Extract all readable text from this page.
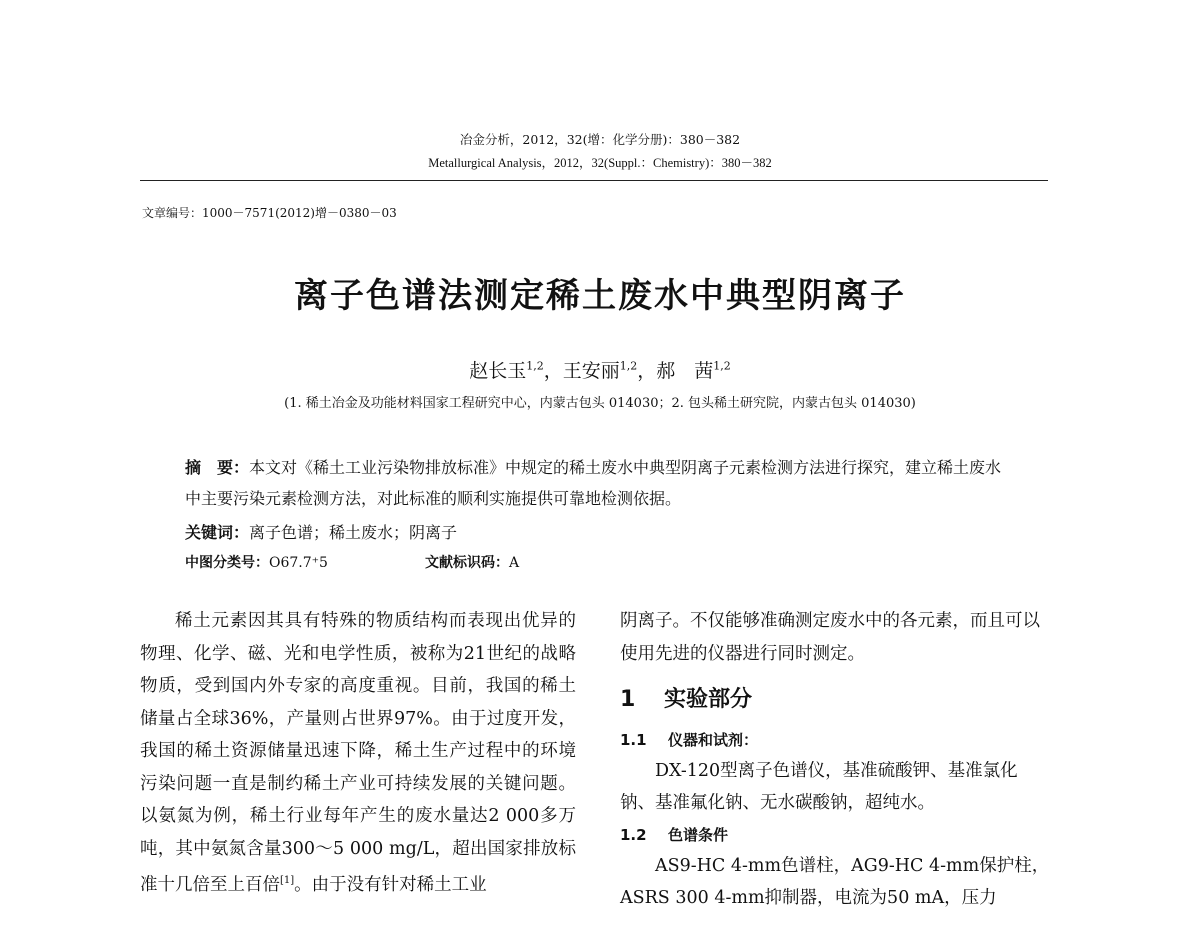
冶金分析，2012，32(增：化学分册)：380－382
Metallurgical Analysis，2012，32(Suppl.：Chemistry)：380－382
文章编号：1000－7571(2012)增－0380－03
离子色谱法测定稀土废水中典型阴离子
赵长玉$^{1,2}$，王安丽$^{1,2}$，郝　茜$^{1,2}$
(1. 稀土冶金及功能材料国家工程研究中心，内蒙古包头 014030；2. 包头稀土研究院，内蒙古包头 014030)
摘　要：本文对《稀土工业污染物排放标准》中规定的稀土废水中典型阴离子元素检测方法进行探究，建立稀土废水中主要污染元素检测方法，对此标准的顺利实施提供可靠地检测依据。
关键词：离子色谱；稀土废水；阴离子
中图分类号：O67.7⁺5	文献标识码：A

稀土元素因其具有特殊的物质结构而表现出优异的物理、化学、磁、光和电学性质，被称为21世纪的战略物质，受到国内外专家的高度重视。目前，我国的稀土储量占全球36%，产量则占世界97%。由于过度开发，我国的稀土资源储量迅速下降，稀土生产过程中的环境污染问题一直是制约稀土产业可持续发展的关键问题。以氨氮为例，稀土行业每年产生的废水量达2 000多万吨，其中氨氮含量300～5 000 mg/L，超出国家排放标准十几倍至上百倍[1]。由于没有针对稀土工业

阴离子。不仅能够准确测定废水中的各元素，而且可以使用先进的仪器进行同时测定。

1 实验部分

1.1 仪器和试剂：

DX-120型离子色谱仪，基准硫酸钾、基准氯化钠、基准氟化钠、无水碳酸钠，超纯水。

1.2 色谱条件

AS9-HC 4-mm色谱柱，AG9-HC 4-mm保护柱，ASRS 300 4-mm抑制器，电流为50 mA，压力
